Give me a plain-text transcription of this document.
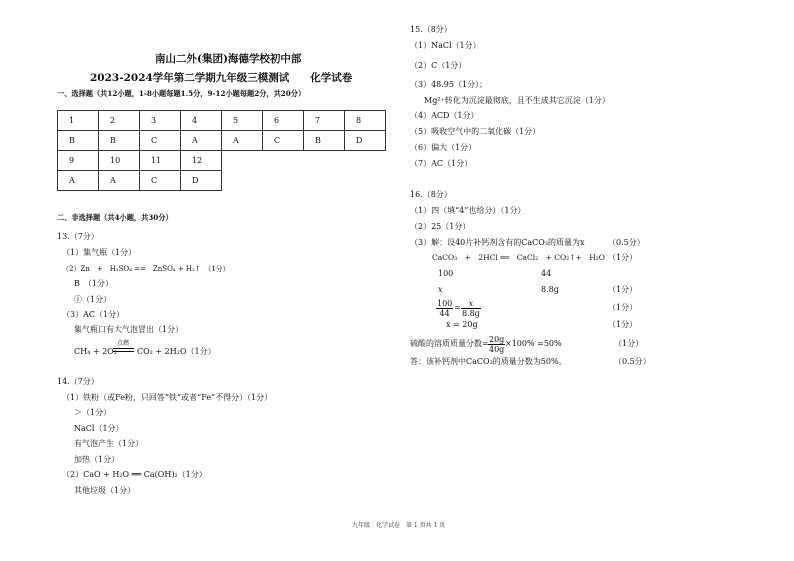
南山二外(集团)海德学校初中部
2023-2024学年第二学期九年级三模测试　　化学试卷
一、选择题（共12小题，1-8小题每题1.5分，9-12小题每题2分，共20分）
1	2	3	4	5	6	7	8
B	B	C	A	A	C	B	D
9	10	11	12				
A	A	C	D				
二、非选择题（共4小题，共30分）
13.（7分）
（1）集气瓶（1分）
（2）Zn　+　H₂SO₄ ==　ZnSO₄ + H₂↑　（1分）
B　（1分）
①（1分）
（3）AC（1分）
集气瓶口有大气泡冒出（1分）
CH₄ + 2O₂
点燃
CO₂ + 2H₂O（1分）
14.（7分）
（1）铁粉（或Fe粉，只回答“铁”或者“Fe”不得分）（1分）
＞（1分）
NaCl（1分）
有气泡产生（1分）
加热（1分）
（2）CaO + H₂O ══ Ca(OH)₂（1分）
其他垃圾（1分）
15.（8分）
（1）NaCl（1分）
（2）C（1分）
（3）48.95（1分）；
Mg²⁺转化为沉淀最彻底，且不生成其它沉淀（1分）
（4）ACD（1分）
（5）吸收空气中的二氧化碳（1分）
（6）偏大（1分）
（7）AC（1分）
16.（8分）
（1）四（填“4”也给分）（1分）
（2）25（1分）
（3）解：设40片补钙剂含有的CaCO₃的质量为x	（0.5分）
CaCO₃　+　2HCl ══　CaCl₂　+ CO₂↑+　H₂O （1分）
100	44
x	8.8g	（1分）
$\frac{100}{44} = \frac{x}{8.8g}$	（1分）
x = 20g	（1分）
硫酸的溶质质量分数= $\frac{20g}{40g} \times 100\% =50\%$	（1分）
答：该补钙剂中CaCO₃的质量分数为50%。	（0.5分）
九年级　化学试卷　第 1 页共 1 页
